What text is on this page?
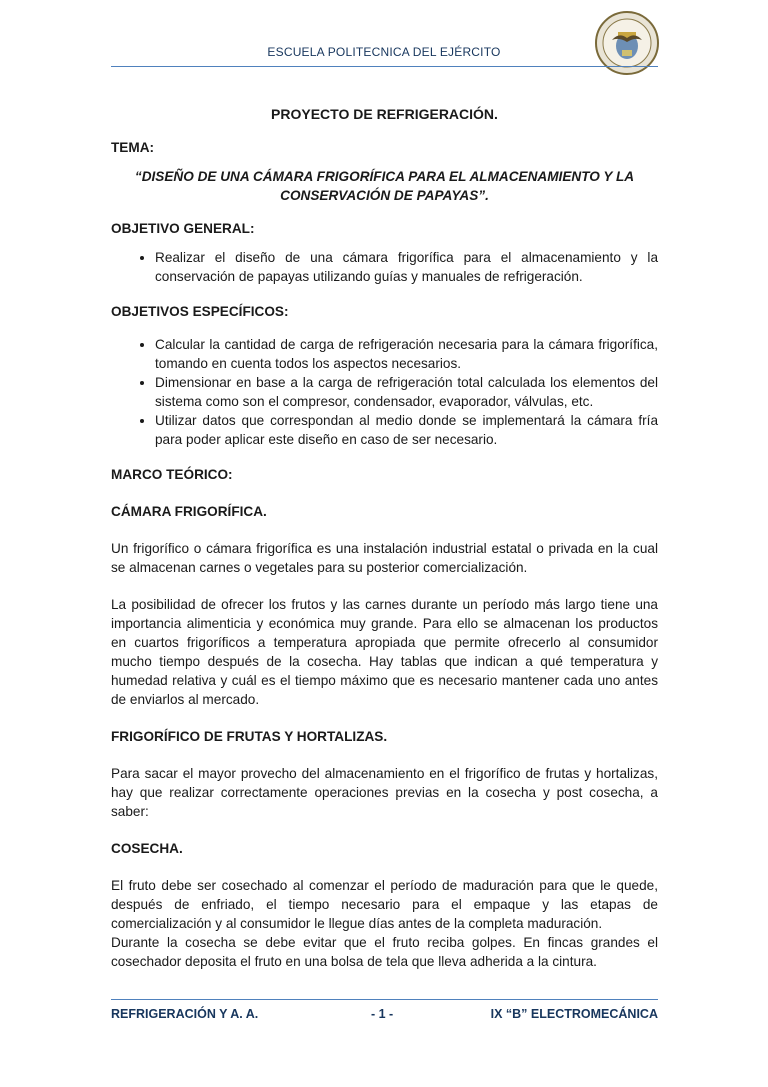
ESCUELA POLITECNICA DEL EJÉRCITO
PROYECTO DE REFRIGERACIÓN.
TEMA:
“DISEÑO DE UNA CÁMARA FRIGORÍFICA PARA EL ALMACENAMIENTO Y LA CONSERVACIÓN DE PAPAYAS”.
OBJETIVO GENERAL:
• Realizar el diseño de una cámara frigorífica para el almacenamiento y la conservación de papayas utilizando guías y manuales de refrigeración.
OBJETIVOS ESPECÍFICOS:
• Calcular la cantidad de carga de refrigeración necesaria para la cámara frigorífica, tomando en cuenta todos los aspectos necesarios.
• Dimensionar en base a la carga de refrigeración total calculada los elementos del sistema como son el compresor, condensador, evaporador, válvulas, etc.
• Utilizar datos que correspondan al medio donde se implementará la cámara fría para poder aplicar este diseño en caso de ser necesario.
MARCO TEÓRICO:
CÁMARA FRIGORÍFICA.

Un frigorífico o cámara frigorífica es una instalación industrial estatal o privada en la cual se almacenan carnes o vegetales para su posterior comercialización.

La posibilidad de ofrecer los frutos y las carnes durante un período más largo tiene una importancia alimenticia y económica muy grande. Para ello se almacenan los productos en cuartos frigoríficos a temperatura apropiada que permite ofrecerlo al consumidor mucho tiempo después de la cosecha. Hay tablas que indican a qué temperatura y humedad relativa y cuál es el tiempo máximo que es necesario mantener cada uno antes de enviarlos al mercado.

FRIGORÍFICO DE FRUTAS Y HORTALIZAS.

Para sacar el mayor provecho del almacenamiento en el frigorífico de frutas y hortalizas, hay que realizar correctamente operaciones previas en la cosecha y post cosecha, a saber:

COSECHA.

El fruto debe ser cosechado al comenzar el período de maduración para que le quede, después de enfriado, el tiempo necesario para el empaque y las etapas de comercialización y al consumidor le llegue días antes de la completa maduración.

Durante la cosecha se debe evitar que el fruto reciba golpes. En fincas grandes el cosechador deposita el fruto en una bolsa de tela que lleva adherida a la cintura.

REFRIGERACIÓN Y A. A.	- 1 -	IX “B” ELECTROMECÁNICA
